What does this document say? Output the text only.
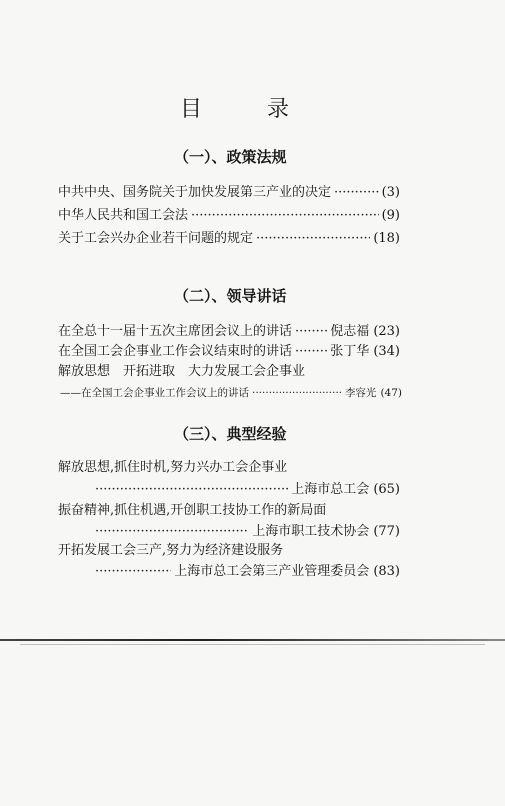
目	录
（一）、政策法规
中共中央、国务院关于加快发展第三产业的决定 ·····	(3)
中华人民共和国工会法 ·····	(9)
关于工会兴办企业若干问题的规定 ·····	(18)
（二）、领导讲话
在全总十一届十五次主席团会议上的讲话 ·····	倪志福 (23)
在全国工会企事业工作会议结束时的讲话 ·····	张丁华 (34)
解放思想　开拓进取　大力发展工会企事业
——在全国工会企事业工作会议上的讲话 ·····	李容光 (47)
（三）、典型经验
解放思想,抓住时机,努力兴办工会企事业
·····
上海市总工会 (65)
振奋精神,抓住机遇,开创职工技协工作的新局面
·····
上海市职工技术协会 (77)
开拓发展工会三产,努力为经济建设服务
·····
上海市总工会第三产业管理委员会 (83)
